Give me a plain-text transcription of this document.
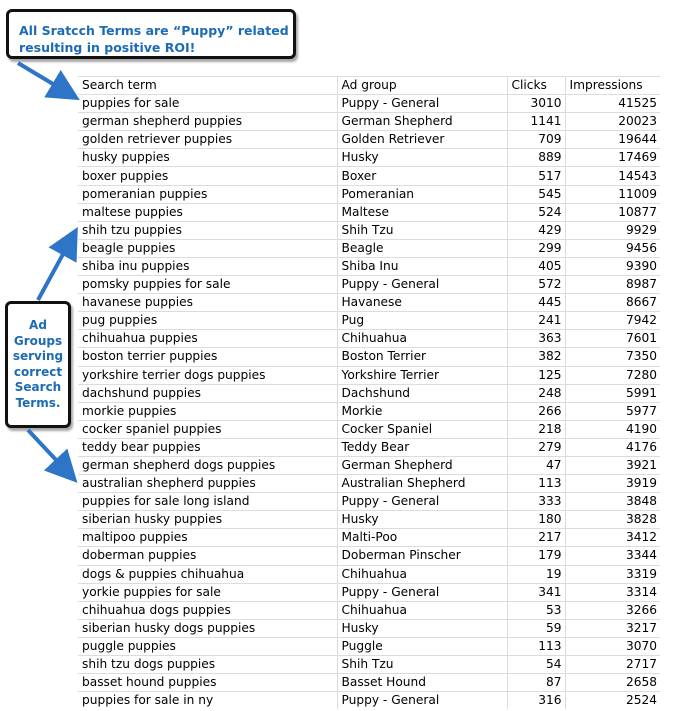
Search term	Ad group	Clicks	Impressions
puppies for sale	Puppy - General	3010	41525
german shepherd puppies	German Shepherd	1141	20023
golden retriever puppies	Golden Retriever	709	19644
husky puppies	Husky	889	17469
boxer puppies	Boxer	517	14543
pomeranian puppies	Pomeranian	545	11009
maltese puppies	Maltese	524	10877
shih tzu puppies	Shih Tzu	429	9929
beagle puppies	Beagle	299	9456
shiba inu puppies	Shiba Inu	405	9390
pomsky puppies for sale	Puppy - General	572	8987
havanese puppies	Havanese	445	8667
pug puppies	Pug	241	7942
chihuahua puppies	Chihuahua	363	7601
boston terrier puppies	Boston Terrier	382	7350
yorkshire terrier dogs puppies	Yorkshire Terrier	125	7280
dachshund puppies	Dachshund	248	5991
morkie puppies	Morkie	266	5977
cocker spaniel puppies	Cocker Spaniel	218	4190
teddy bear puppies	Teddy Bear	279	4176
german shepherd dogs puppies	German Shepherd	47	3921
australian shepherd puppies	Australian Shepherd	113	3919
puppies for sale long island	Puppy - General	333	3848
siberian husky puppies	Husky	180	3828
maltipoo puppies	Malti-Poo	217	3412
doberman puppies	Doberman Pinscher	179	3344
dogs & puppies chihuahua	Chihuahua	19	3319
yorkie puppies for sale	Puppy - General	341	3314
chihuahua dogs puppies	Chihuahua	53	3266
siberian husky dogs puppies	Husky	59	3217
puggle puppies	Puggle	113	3070
shih tzu dogs puppies	Shih Tzu	54	2717
basset hound puppies	Basset Hound	87	2658
puppies for sale in ny	Puppy - General	316	2524
All Sratcch Terms are “Puppy” related resulting in positive ROI!
Ad Groups serving correct Search Terms.
